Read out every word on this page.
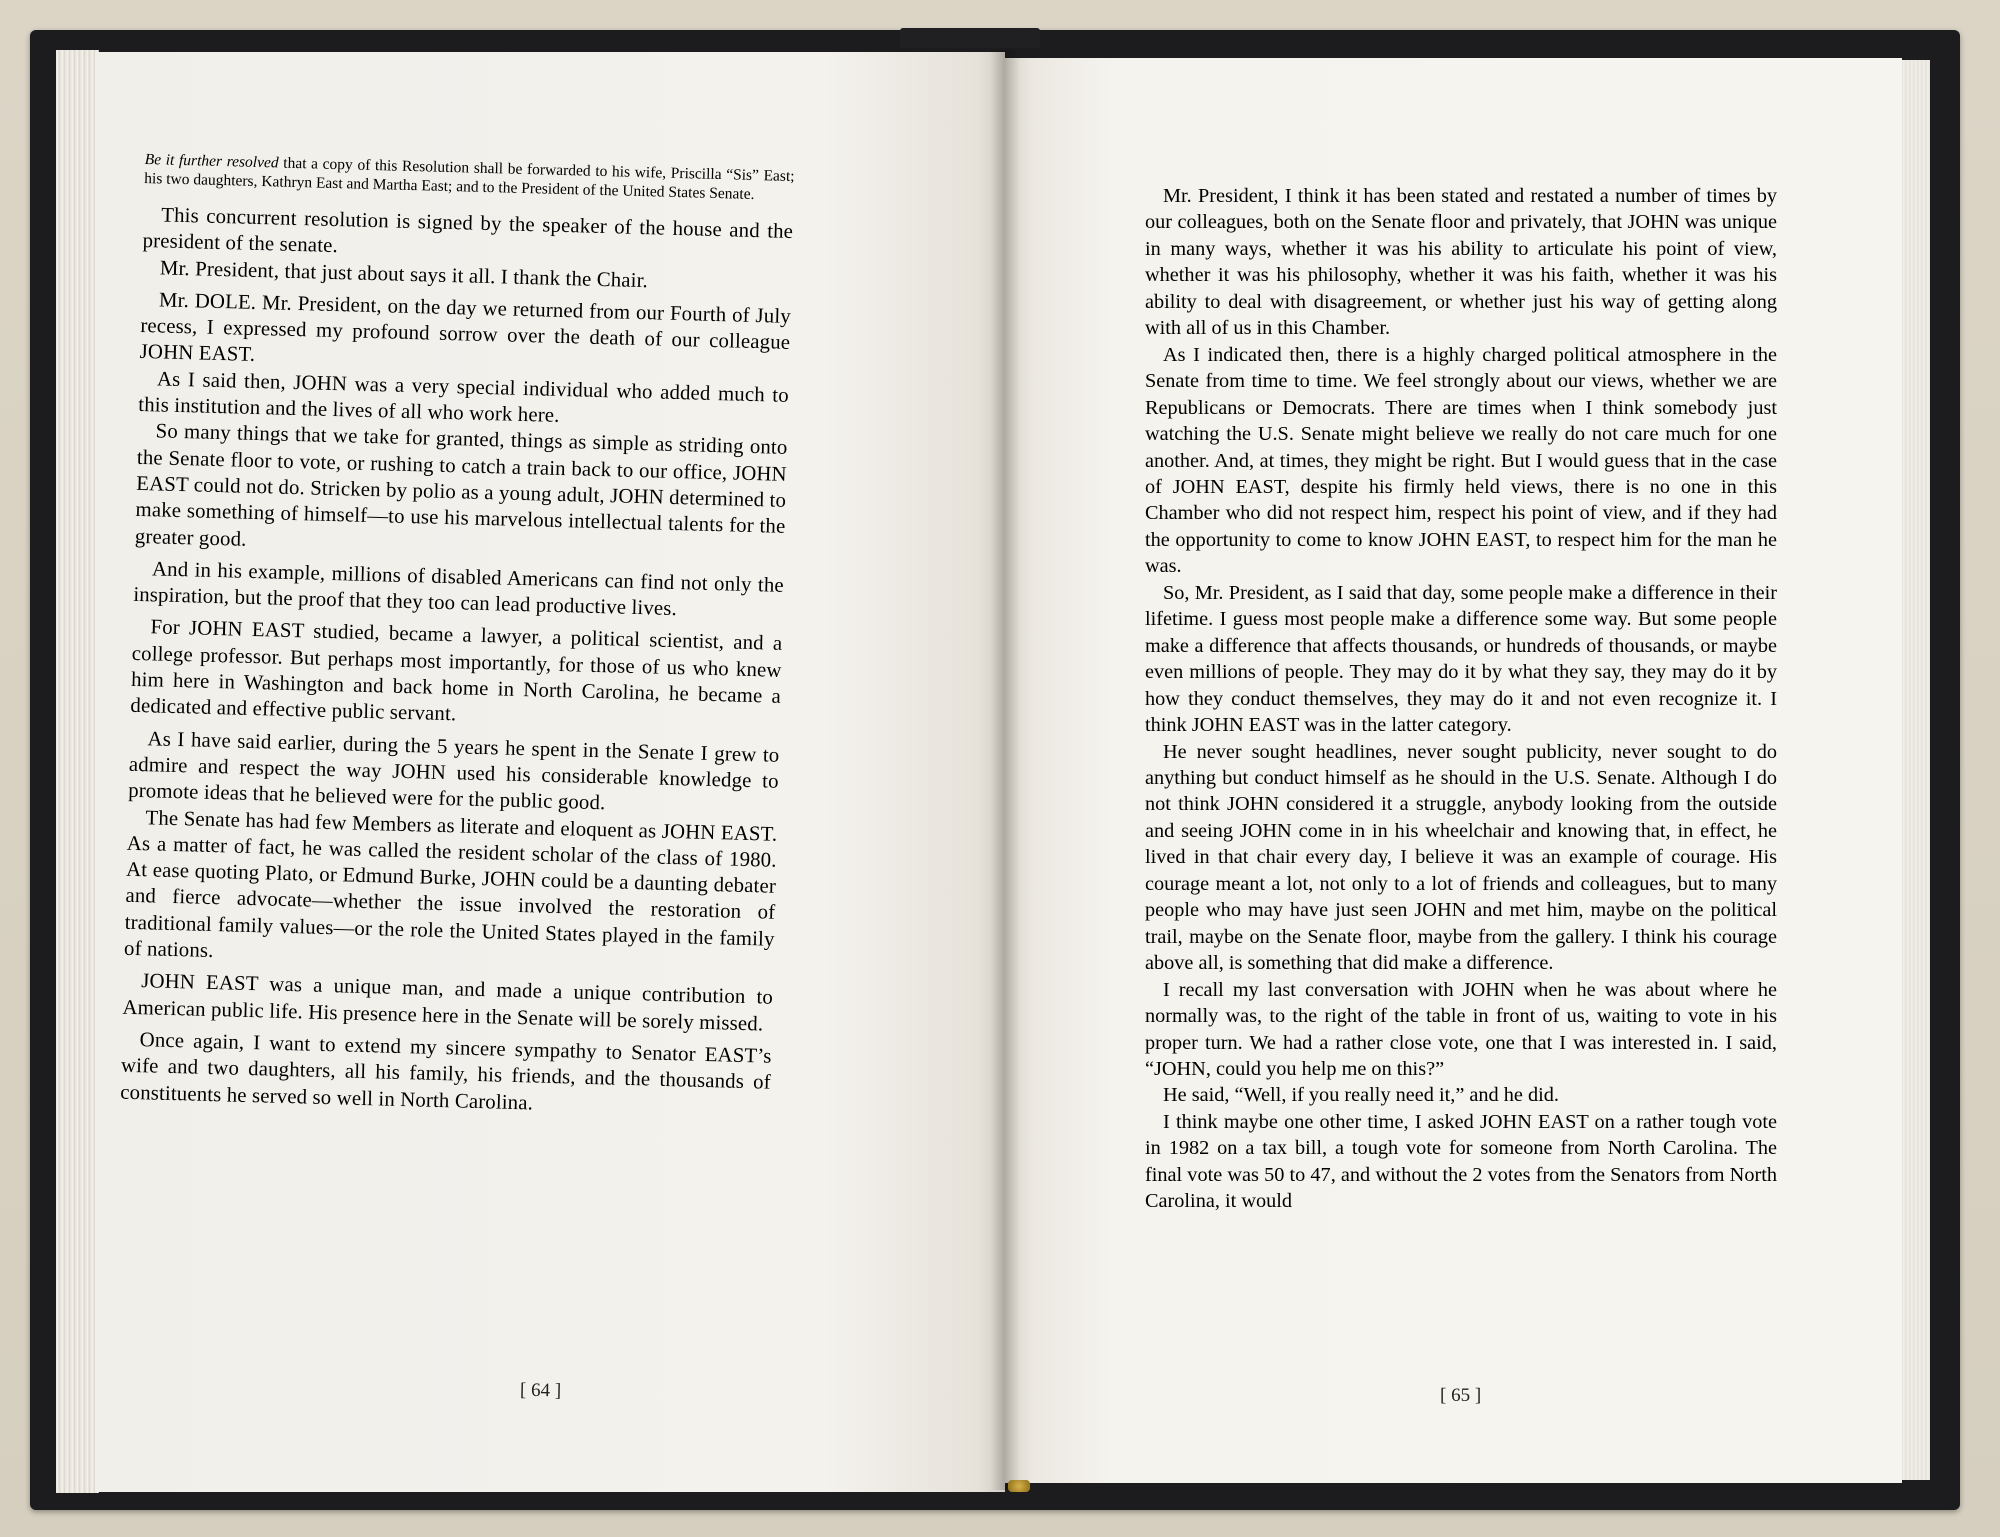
Be it further resolved that a copy of this Resolution shall be forwarded to his wife, Priscilla “Sis” East; his two daughters, Kathryn East and Martha East; and to the President of the United States Senate.

This concurrent resolution is signed by the speaker of the house and the president of the senate.

Mr. President, that just about says it all. I thank the Chair.

Mr. DOLE. Mr. President, on the day we returned from our Fourth of July recess, I expressed my profound sorrow over the death of our colleague JOHN EAST.

As I said then, JOHN was a very special individual who added much to this institution and the lives of all who work here.

So many things that we take for granted, things as simple as striding onto the Senate floor to vote, or rushing to catch a train back to our office, JOHN EAST could not do. Stricken by polio as a young adult, JOHN determined to make something of himself—to use his marvelous intellectual talents for the greater good.

And in his example, millions of disabled Americans can find not only the inspiration, but the proof that they too can lead productive lives.

For JOHN EAST studied, became a lawyer, a political scientist, and a college professor. But perhaps most importantly, for those of us who knew him here in Washington and back home in North Carolina, he became a dedicated and effective public servant.

As I have said earlier, during the 5 years he spent in the Senate I grew to admire and respect the way JOHN used his considerable knowledge to promote ideas that he believed were for the public good.

The Senate has had few Members as literate and eloquent as JOHN EAST. As a matter of fact, he was called the resident scholar of the class of 1980. At ease quoting Plato, or Edmund Burke, JOHN could be a daunting debater and fierce advocate—whether the issue involved the restoration of traditional family values—or the role the United States played in the family of nations.

JOHN EAST was a unique man, and made a unique contribution to American public life. His presence here in the Senate will be sorely missed.

Once again, I want to extend my sincere sympathy to Senator EAST’s wife and two daughters, all his family, his friends, and the thousands of constituents he served so well in North Carolina.

[ 64 ]

Mr. President, I think it has been stated and restated a number of times by our colleagues, both on the Senate floor and privately, that JOHN was unique in many ways, whether it was his ability to articulate his point of view, whether it was his philosophy, whether it was his faith, whether it was his ability to deal with disagreement, or whether just his way of getting along with all of us in this Chamber.

As I indicated then, there is a highly charged political atmosphere in the Senate from time to time. We feel strongly about our views, whether we are Republicans or Democrats. There are times when I think somebody just watching the U.S. Senate might believe we really do not care much for one another. And, at times, they might be right. But I would guess that in the case of JOHN EAST, despite his firmly held views, there is no one in this Chamber who did not respect him, respect his point of view, and if they had the opportunity to come to know JOHN EAST, to respect him for the man he was.

So, Mr. President, as I said that day, some people make a difference in their lifetime. I guess most people make a difference some way. But some people make a difference that affects thousands, or hundreds of thousands, or maybe even millions of people. They may do it by what they say, they may do it by how they conduct themselves, they may do it and not even recognize it. I think JOHN EAST was in the latter category.

He never sought headlines, never sought publicity, never sought to do anything but conduct himself as he should in the U.S. Senate. Although I do not think JOHN considered it a struggle, anybody looking from the outside and seeing JOHN come in in his wheelchair and knowing that, in effect, he lived in that chair every day, I believe it was an example of courage. His courage meant a lot, not only to a lot of friends and colleagues, but to many people who may have just seen JOHN and met him, maybe on the political trail, maybe on the Senate floor, maybe from the gallery. I think his courage above all, is something that did make a difference.

I recall my last conversation with JOHN when he was about where he normally was, to the right of the table in front of us, waiting to vote in his proper turn. We had a rather close vote, one that I was interested in. I said, “JOHN, could you help me on this?”

He said, “Well, if you really need it,” and he did.

I think maybe one other time, I asked JOHN EAST on a rather tough vote in 1982 on a tax bill, a tough vote for someone from North Carolina. The final vote was 50 to 47, and without the 2 votes from the Senators from North Carolina, it would

[ 65 ]
